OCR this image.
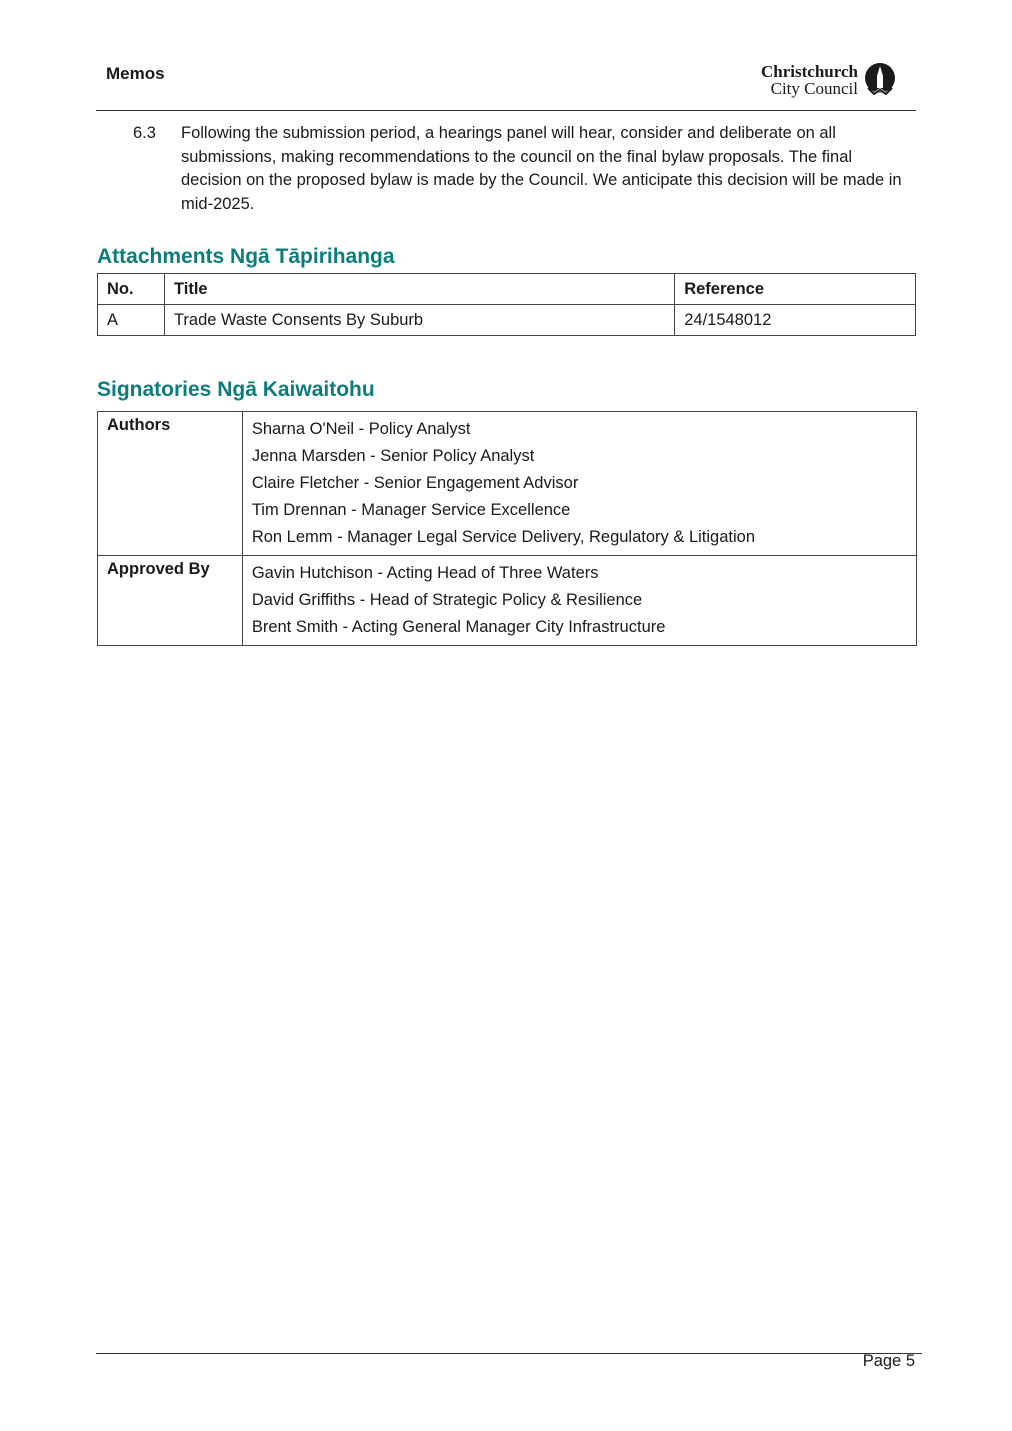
Memos	Christchurch
City Council
6.3 Following the submission period, a hearings panel will hear, consider and deliberate on all submissions, making recommendations to the council on the final bylaw proposals. The final decision on the proposed bylaw is made by the Council. We anticipate this decision will be made in mid-2025.
Attachments Ngā Tāpirihanga
No.	Title	Reference
A	Trade Waste Consents By Suburb	24/1548012
Signatories Ngā Kaiwaitohu
Authors	Sharna O'Neil - Policy Analyst
Jenna Marsden - Senior Policy Analyst
Claire Fletcher - Senior Engagement Advisor
Tim Drennan - Manager Service Excellence
Ron Lemm - Manager Legal Service Delivery, Regulatory & Litigation

Approved By	Gavin Hutchison - Acting Head of Three Waters
David Griffiths - Head of Strategic Policy & Resilience
Brent Smith - Acting General Manager City Infrastructure
Page 5
